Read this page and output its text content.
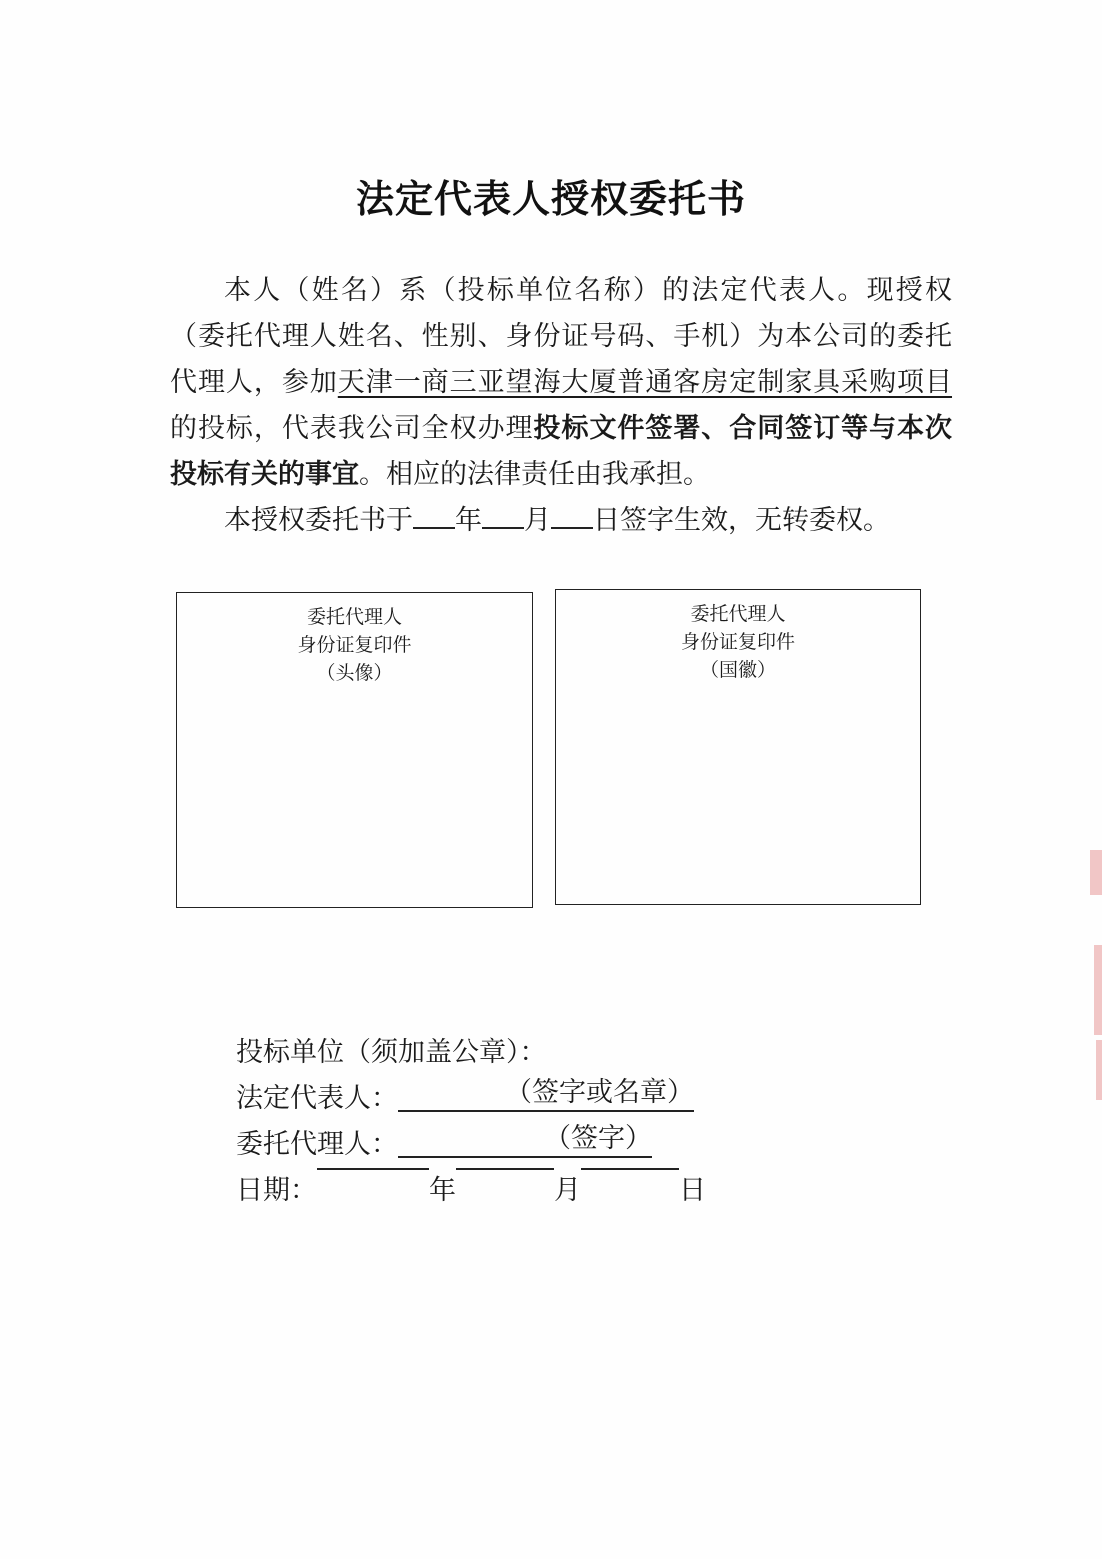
法定代表人授权委托书

本人（姓名）系（投标单位名称）的法定代表人。现授权（委托代理人姓名、性别、身份证号码、手机）为本公司的委托代理人，参加天津一商三亚望海大厦普通客房定制家具采购项目的投标，代表我公司全权办理投标文件签署、合同签订等与本次投标有关的事宜。相应的法律责任由我承担。

本授权委托书于 年 月 日签字生效，无转委权。

委托代理人
身份证复印件
（头像）
委托代理人
身份证复印件
（国徽）
投标单位（须加盖公章）：
法定代表人：	（签字或名章）
委托代理人：	（签字）
日期：	年	月	日
